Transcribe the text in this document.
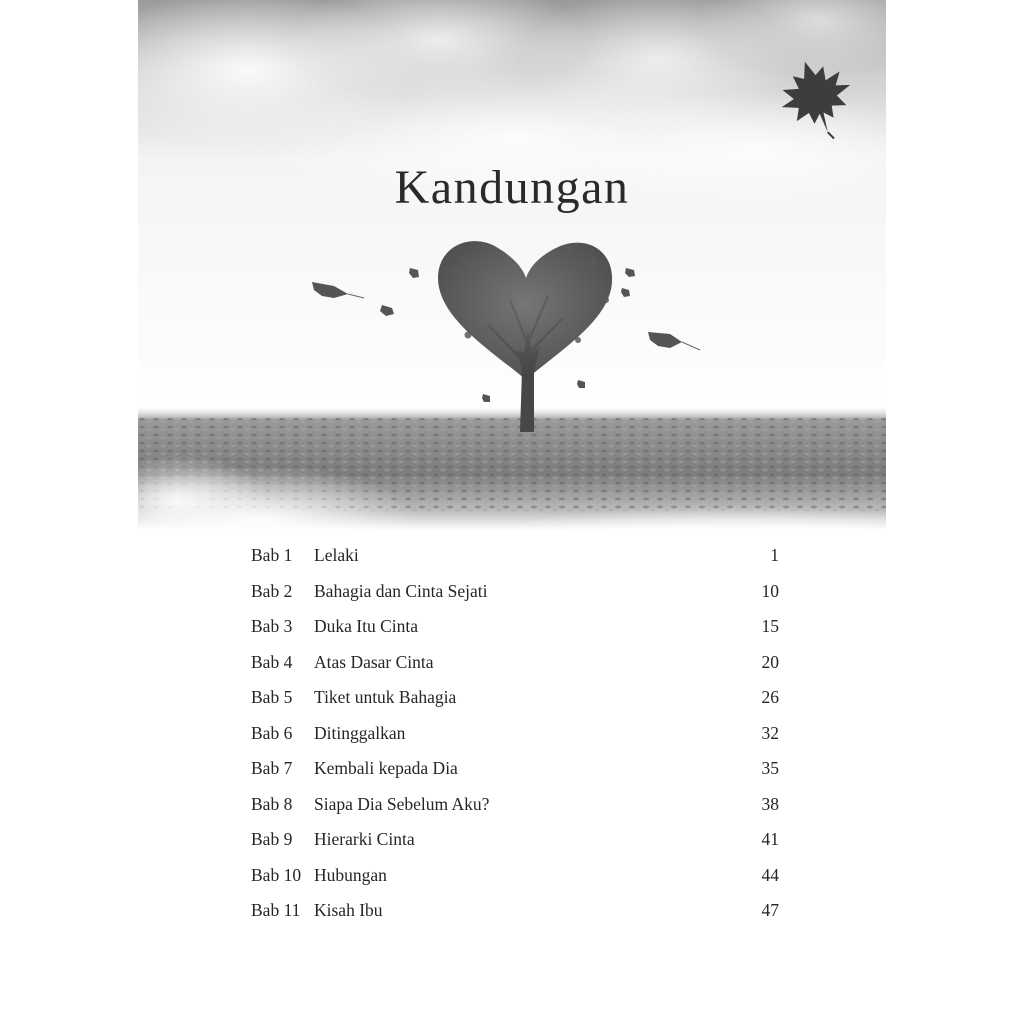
Kandungan
Bab 1 Lelaki	1
Bab 2 Bahagia dan Cinta Sejati	10
Bab 3 Duka Itu Cinta	15
Bab 4 Atas Dasar Cinta	20
Bab 5 Tiket untuk Bahagia	26
Bab 6 Ditinggalkan	32
Bab 7 Kembali kepada Dia	35
Bab 8 Siapa Dia Sebelum Aku?	38
Bab 9 Hierarki Cinta	41
Bab 10 Hubungan	44
Bab 11 Kisah Ibu	47
